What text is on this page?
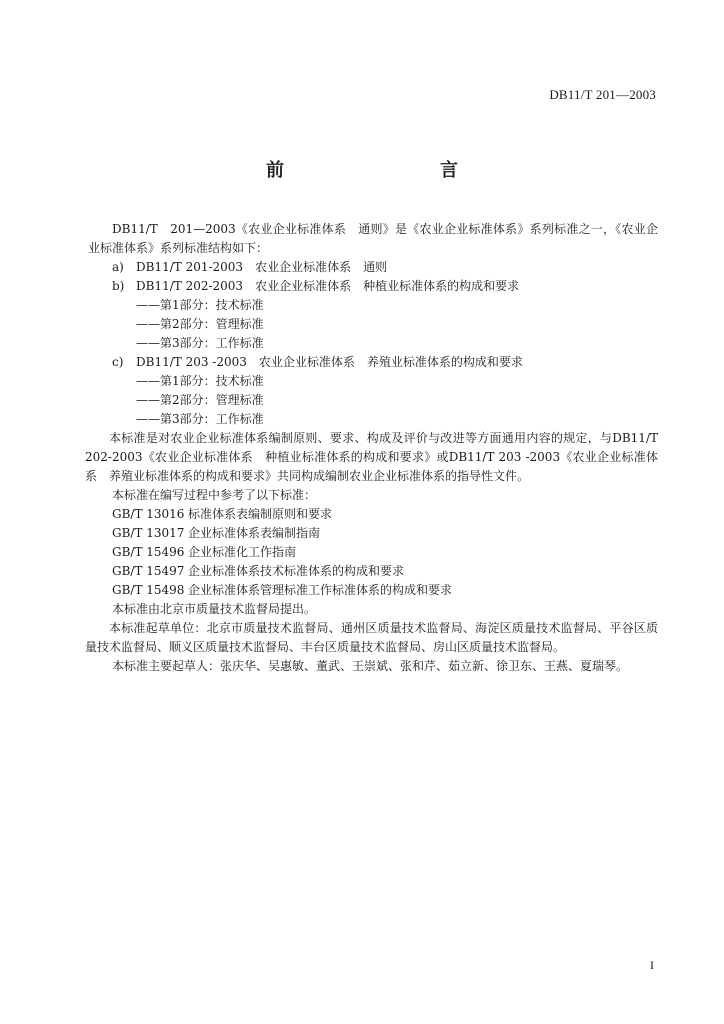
DB11/T 201—2003
前　　言

DB11/T　201—2003《农业企业标准体系　通则》是《农业企业标准体系》系列标准之一，《农业企业标准体系》系列标准结构如下：

a) DB11/T 201-2003　农业企业标准体系　通则

b) DB11/T 202-2003　农业企业标准体系　种植业标准体系的构成和要求

——第1部分：技术标准

——第2部分：管理标准

——第3部分：工作标准

c) DB11/T 203 -2003　农业企业标准体系　养殖业标准体系的构成和要求

——第1部分：技术标准

——第2部分：管理标准

——第3部分：工作标准

本标准是对农业企业标准体系编制原则、要求、构成及评价与改进等方面通用内容的规定，与DB11/T 202-2003《农业企业标准体系　种植业标准体系的构成和要求》或DB11/T 203 -2003《农业企业标准体系　养殖业标准体系的构成和要求》共同构成编制农业企业标准体系的指导性文件。

本标准在编写过程中参考了以下标准：

GB/T 13016 标准体系表编制原则和要求

GB/T 13017 企业标准体系表编制指南

GB/T 15496 企业标准化工作指南

GB/T 15497 企业标准体系技术标准体系的构成和要求

GB/T 15498 企业标准体系管理标准工作标准体系的构成和要求

本标准由北京市质量技术监督局提出。

本标准起草单位：北京市质量技术监督局、通州区质量技术监督局、海淀区质量技术监督局、平谷区质量技术监督局、顺义区质量技术监督局、丰台区质量技术监督局、房山区质量技术监督局。

本标准主要起草人：张庆华、吴惠敏、董武、王崇斌、张和芹、茹立新、徐卫东、王燕、夏瑞琴。

I
